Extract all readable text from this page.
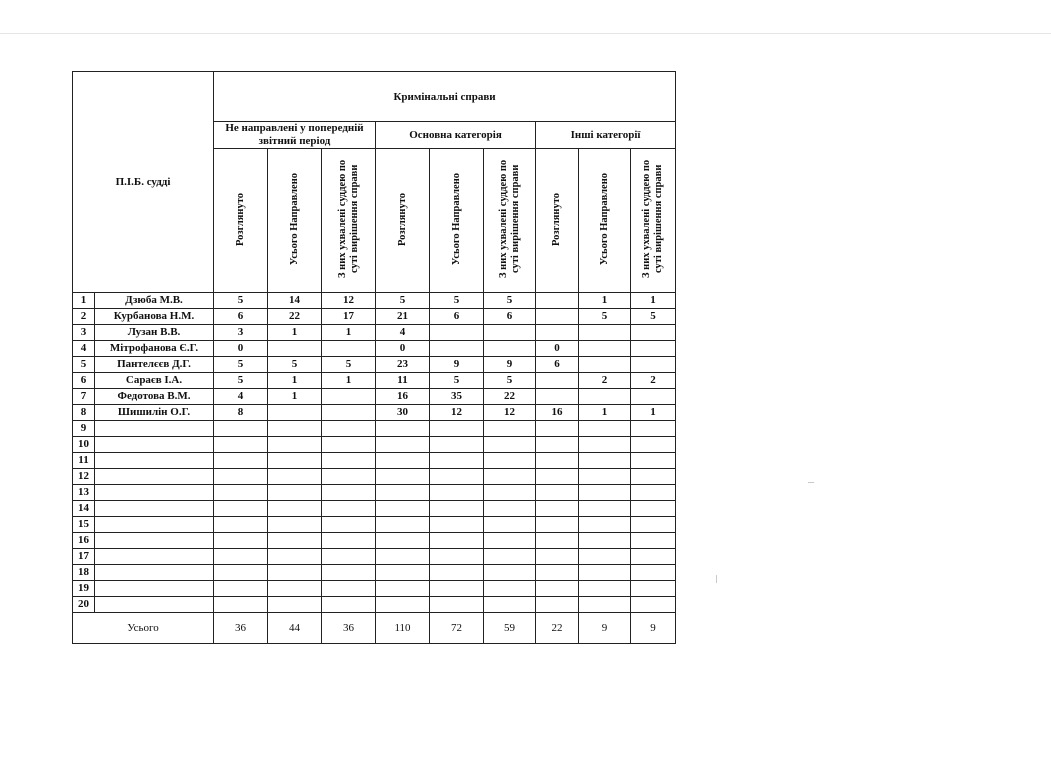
П.І.Б. судді		Кримінальні справи								
		Не направлені у попередній звітний період			Основна категорія			Інші категорії		
		Розглянуто	Усього Направлено	З них ухвалені суддею по суті вирішення справи	Розглянуто	Усього Направлено	З них ухвалені суддею по суті вирішення справи	Розглянуто	Усього Направлено	З них ухвалені суддею по суті вирішення справи
1	Дзюба М.В.	5	14	12	5	5	5		1	1
2	Курбанова Н.М.	6	22	17	21	6	6		5	5
3	Лузан В.В.	3	1	1	4					
4	Мітрофанова Є.Г.	0			0			0		
5	Пантелєєв Д.Г.	5	5	5	23	9	9	6		
6	Сараєв І.А.	5	1	1	11	5	5		2	2
7	Федотова В.М.	4	1		16	35	22			
8	Шишилін О.Г.	8			30	12	12	16	1	1
9										
10										
11										
12										
13										
14										
15										
16										
17										
18										
19										
20										
Усього		36	44	36	110	72	59	22	9	9
